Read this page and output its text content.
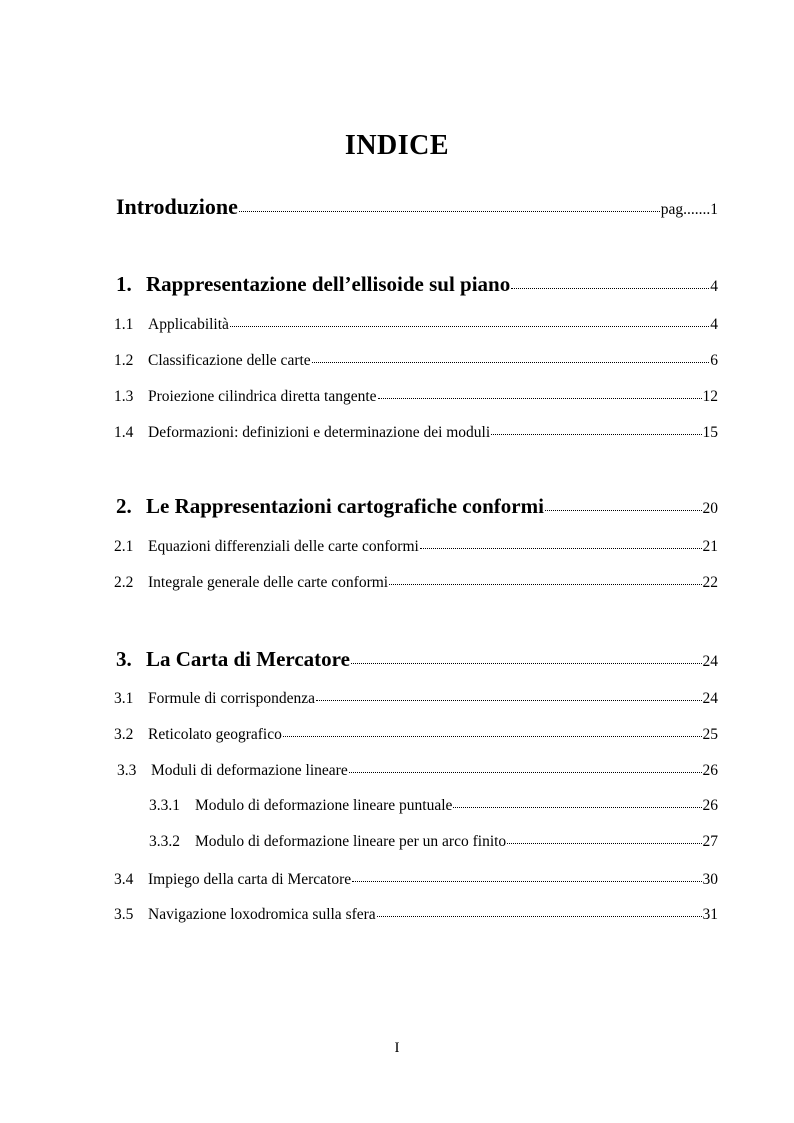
INDICE
Introduzione	pag....... 1
1. Rappresentazione dell’ellisoide sul piano	4
1.1 Applicabilità	4
1.2 Classificazione delle carte	6
1.3 Proiezione cilindrica diretta tangente	12
1.4 Deformazioni: definizioni e determinazione dei moduli	15
2. Le Rappresentazioni cartografiche conformi	20
2.1 Equazioni differenziali delle carte conformi	21
2.2 Integrale generale delle carte conformi	22
3. La Carta di Mercatore	24
3.1 Formule di corrispondenza	24
3.2 Reticolato geografico	25
3.3 Moduli di deformazione lineare	26
3.3.1 Modulo di deformazione lineare puntuale	26
3.3.2 Modulo di deformazione lineare per un arco finito	27
3.4 Impiego della carta di Mercatore	30
3.5 Navigazione loxodromica sulla sfera	31
I
